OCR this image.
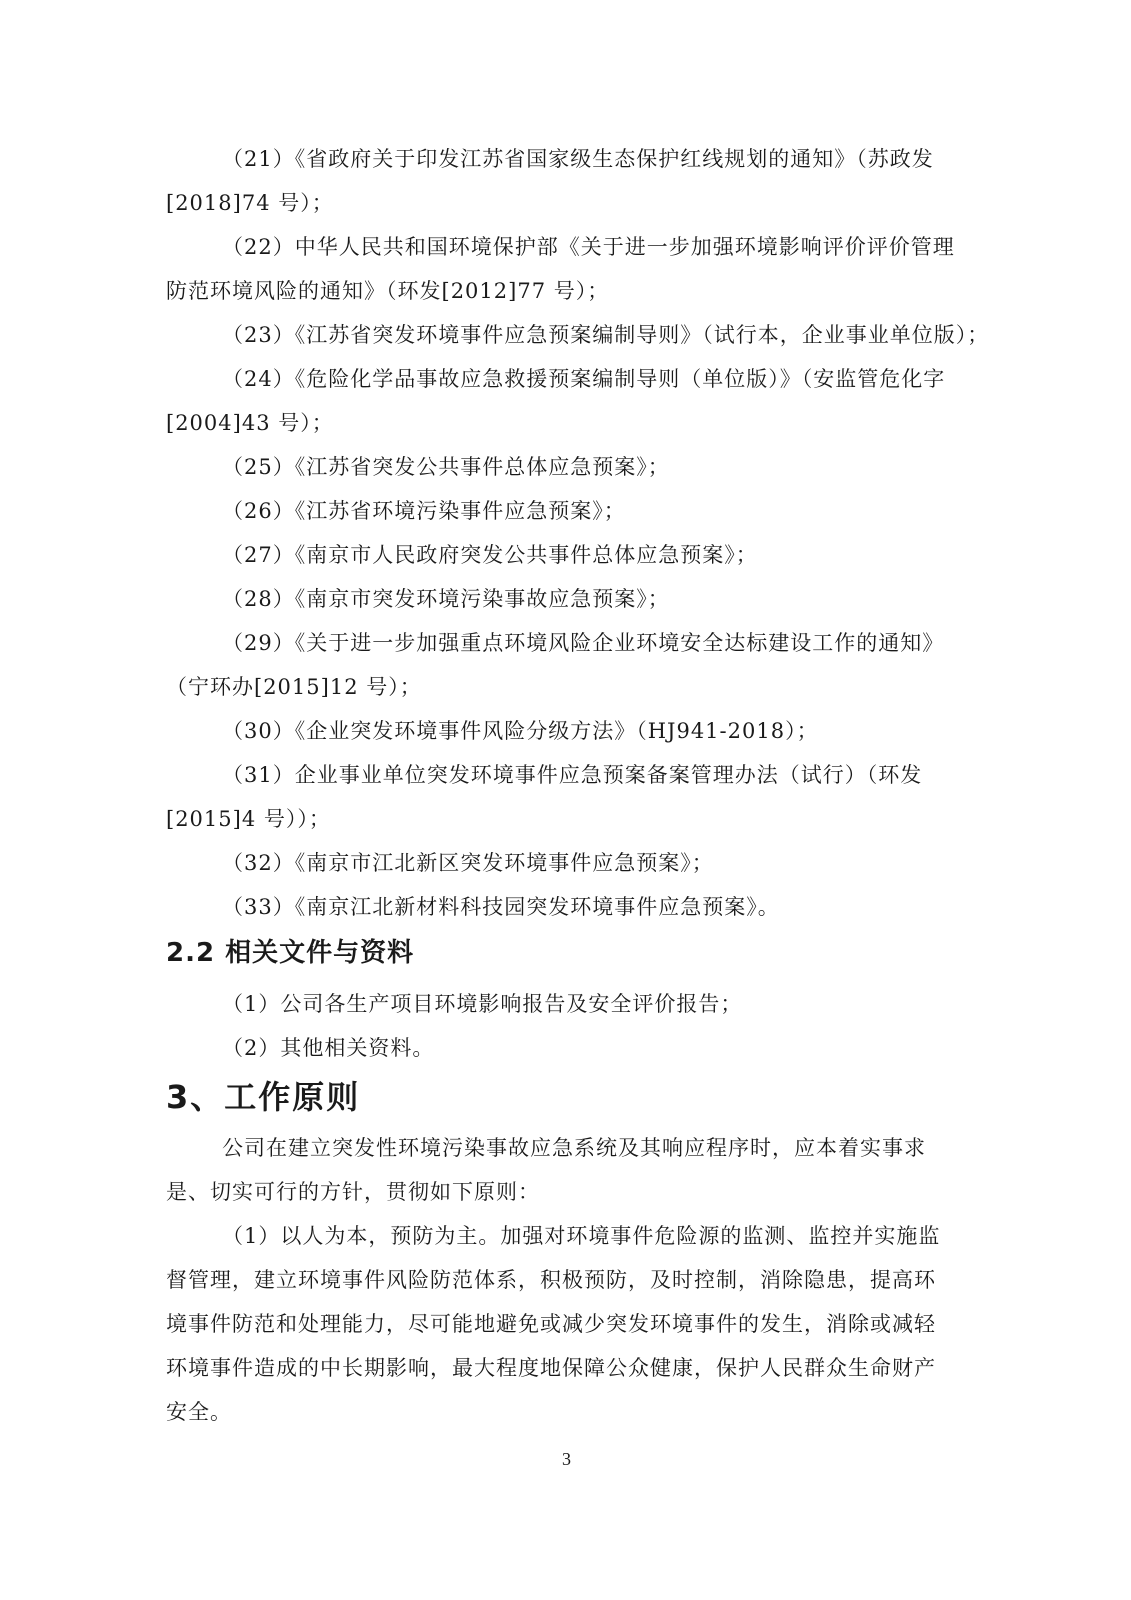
（21）《省政府关于印发江苏省国家级生态保护红线规划的通知》（苏政发
[2018]74 号）；
（22）中华人民共和国环境保护部《关于进一步加强环境影响评价评价管理
防范环境风险的通知》（环发[2012]77 号）；
（23）《江苏省突发环境事件应急预案编制导则》（试行本，企业事业单位版）；
（24）《危险化学品事故应急救援预案编制导则（单位版）》（安监管危化字
[2004]43 号）；
（25）《江苏省突发公共事件总体应急预案》；
（26）《江苏省环境污染事件应急预案》；
（27）《南京市人民政府突发公共事件总体应急预案》；
（28）《南京市突发环境污染事故应急预案》；
（29）《关于进一步加强重点环境风险企业环境安全达标建设工作的通知》
（宁环办[2015]12 号）；
（30）《企业突发环境事件风险分级方法》（HJ941-2018）；
（31）企业事业单位突发环境事件应急预案备案管理办法（试行）（环发
[2015]4 号））；
（32）《南京市江北新区突发环境事件应急预案》；
（33）《南京江北新材料科技园突发环境事件应急预案》。
2.2 相关文件与资料
（1）公司各生产项目环境影响报告及安全评价报告；
（2）其他相关资料。
3、工作原则
公司在建立突发性环境污染事故应急系统及其响应程序时，应本着实事求
是、切实可行的方针，贯彻如下原则：
（1）以人为本，预防为主。加强对环境事件危险源的监测、监控并实施监
督管理，建立环境事件风险防范体系，积极预防，及时控制，消除隐患，提高环
境事件防范和处理能力，尽可能地避免或减少突发环境事件的发生，消除或减轻
环境事件造成的中长期影响，最大程度地保障公众健康，保护人民群众生命财产
安全。
3
